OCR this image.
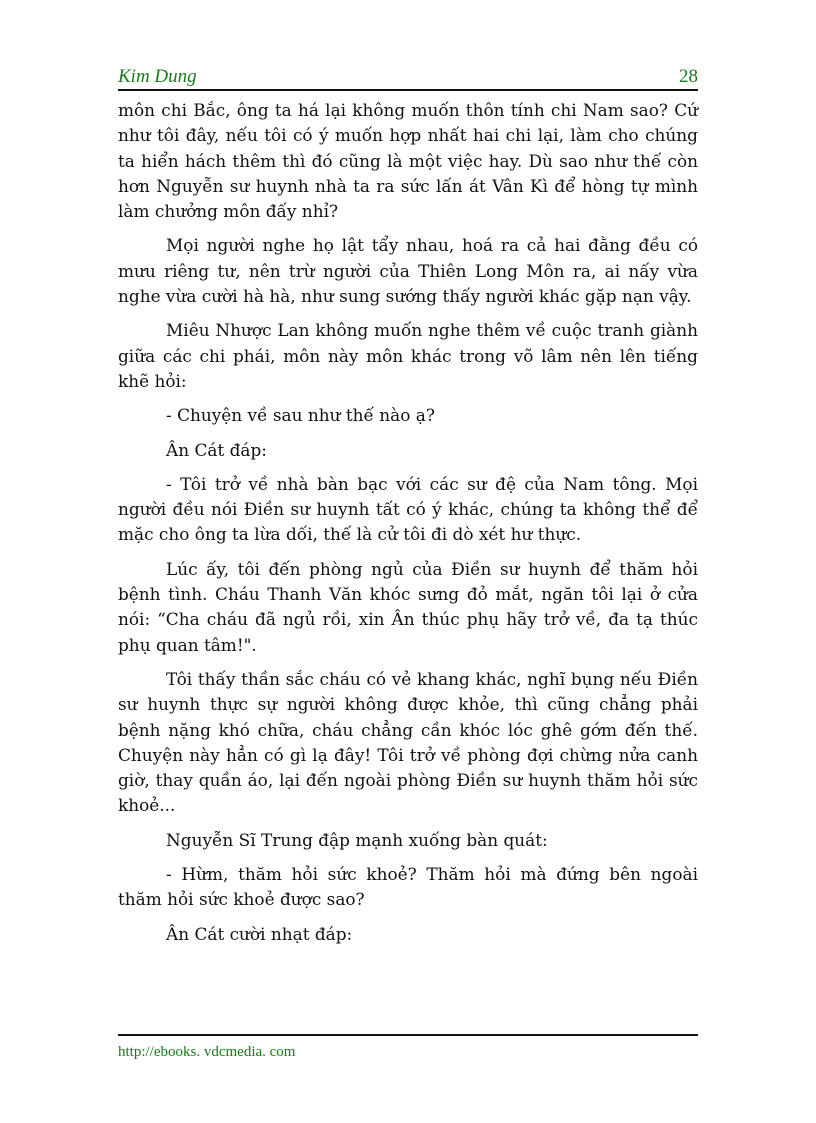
Kim Dung	28

môn chi Bắc, ông ta há lại không muốn thôn tính chi Nam sao? Cứ như tôi đây, nếu tôi có ý muốn hợp nhất hai chi lại, làm cho chúng ta hiển hách thêm thì đó cũng là một việc hay. Dù sao như thế còn hơn Nguyễn sư huynh nhà ta ra sức lấn át Vân Kì để hòng tự mình làm chưởng môn đấy nhỉ?

Mọi người nghe họ lật tẩy nhau, hoá ra cả hai đằng đều có mưu riêng tư, nên trừ người của Thiên Long Môn ra, ai nấy vừa nghe vừa cười hà hà, như sung sướng thấy người khác gặp nạn vậy.

Miêu Nhược Lan không muốn nghe thêm về cuộc tranh giành giữa các chi phái, môn này môn khác trong võ lâm nên lên tiếng khẽ hỏi:

- Chuyện về sau như thế nào ạ?

Ân Cát đáp:

- Tôi trở về nhà bàn bạc với các sư đệ của Nam tông. Mọi người đều nói Điền sư huynh tất có ý khác, chúng ta không thể để mặc cho ông ta lừa dối, thế là cử tôi đi dò xét hư thực.

Lúc ấy, tôi đến phòng ngủ của Điền sư huynh để thăm hỏi bệnh tình. Cháu Thanh Văn khóc sưng đỏ mắt, ngăn tôi lại ở cửa nói: “Cha cháu đã ngủ rồi, xin Ân thúc phụ hãy trở về, đa tạ thúc phụ quan tâm!".

Tôi thấy thần sắc cháu có vẻ khang khác, nghĩ bụng nếu Điền sư huynh thực sự người không được khỏe, thì cũng chẳng phải bệnh nặng khó chữa, cháu chẳng cần khóc lóc ghê gớm đến thế. Chuyện này hẳn có gì lạ đây! Tôi trở về phòng đợi chừng nửa canh giờ, thay quần áo, lại đến ngoài phòng Điền sư huynh thăm hỏi sức khoẻ...

Nguyễn Sĩ Trung đập mạnh xuống bàn quát:

- Hừm, thăm hỏi sức khoẻ? Thăm hỏi mà đứng bên ngoài thăm hỏi sức khoẻ được sao?

Ân Cát cười nhạt đáp:

http://ebooks. vdcmedia. com
